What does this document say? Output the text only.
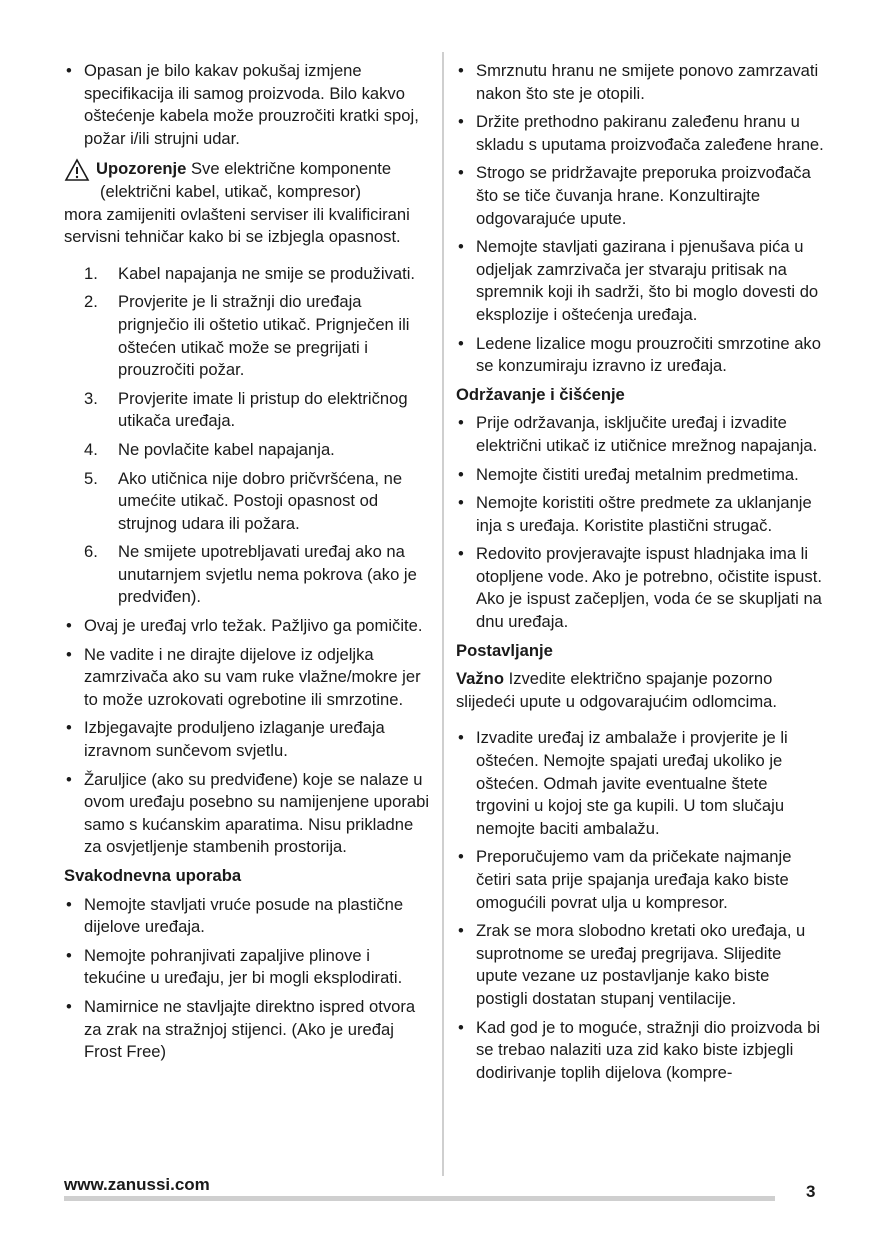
• Opasan je bilo kakav pokušaj izmjene specifikacija ili samog proizvoda. Bilo kakvo oštećenje kabela može prouzročiti kratki spoj, požar i/ili strujni udar.

Upozorenje Sve električne komponente
(električni kabel, utikač, kompresor)
mora zamijeniti ovlašteni serviser ili kvalificirani servisni tehničar kako bi se izbjegla opasnost.
1. Kabel napajanja ne smije se produživati.
2. Provjerite je li stražnji dio uređaja prignječio ili oštetio utikač. Prignječen ili oštećen utikač može se pregrijati i prouzročiti požar.
3. Provjerite imate li pristup do električnog utikača uređaja.
4. Ne povlačite kabel napajanja.
5. Ako utičnica nije dobro pričvršćena, ne umećite utikač. Postoji opasnost od strujnog udara ili požara.
6. Ne smijete upotrebljavati uređaj ako na unutarnjem svjetlu nema pokrova (ako je predviđen).

• Ovaj je uređaj vrlo težak. Pažljivo ga pomičite.

• Ne vadite i ne dirajte dijelove iz odjeljka zamrzivača ako su vam ruke vlažne/mokre jer to može uzrokovati ogrebotine ili smrzotine.

• Izbjegavajte produljeno izlaganje uređaja izravnom sunčevom svjetlu.

• Žaruljice (ako su predviđene) koje se nalaze u ovom uređaju posebno su namijenjene uporabi samo s kućanskim aparatima. Nisu prikladne za osvjetljenje stambenih prostorija.

Svakodnevna uporaba

• Nemojte stavljati vruće posude na plastične dijelove uređaja.

• Nemojte pohranjivati zapaljive plinove i tekućine u uređaju, jer bi mogli eksplodirati.

• Namirnice ne stavljajte direktno ispred otvora za zrak na stražnjoj stijenci. (Ako je uređaj Frost Free)

• Smrznutu hranu ne smijete ponovo zamrzavati nakon što ste je otopili.

• Držite prethodno pakiranu zaleđenu hranu u skladu s uputama proizvođača zaleđene hrane.

• Strogo se pridržavajte preporuka proizvođača što se tiče čuvanja hrane. Konzultirajte odgovarajuće upute.

• Nemojte stavljati gazirana i pjenušava pića u odjeljak zamrzivača jer stvaraju pritisak na spremnik koji ih sadrži, što bi moglo dovesti do eksplozije i oštećenja uređaja.

• Ledene lizalice mogu prouzročiti smrzotine ako se konzumiraju izravno iz uređaja.

Održavanje i čišćenje

• Prije održavanja, isključite uređaj i izvadite električni utikač iz utičnice mrežnog napajanja.

• Nemojte čistiti uređaj metalnim predmetima.

• Nemojte koristiti oštre predmete za uklanjanje inja s uređaja. Koristite plastični strugač.

• Redovito provjeravajte ispust hladnjaka ima li otopljene vode. Ako je potrebno, očistite ispust. Ako je ispust začepljen, voda će se skupljati na dnu uređaja.

Postavljanje

Važno Izvedite električno spajanje pozorno slijedeći upute u odgovarajućim odlomcima.

• Izvadite uređaj iz ambalaže i provjerite je li oštećen. Nemojte spajati uređaj ukoliko je oštećen. Odmah javite eventualne štete trgovini u kojoj ste ga kupili. U tom slučaju nemojte baciti ambalažu.

• Preporučujemo vam da pričekate najmanje četiri sata prije spajanja uređaja kako biste omogućili povrat ulja u kompresor.

• Zrak se mora slobodno kretati oko uređaja, u suprotnome se uređaj pregrijava. Slijedite upute vezane uz postavljanje kako biste postigli dostatan stupanj ventilacije.

• Kad god je to moguće, stražnji dio proizvoda bi se trebao nalaziti uza zid kako biste izbjegli dodirivanje toplih dijelova (kompre-

www.zanussi.com	3
